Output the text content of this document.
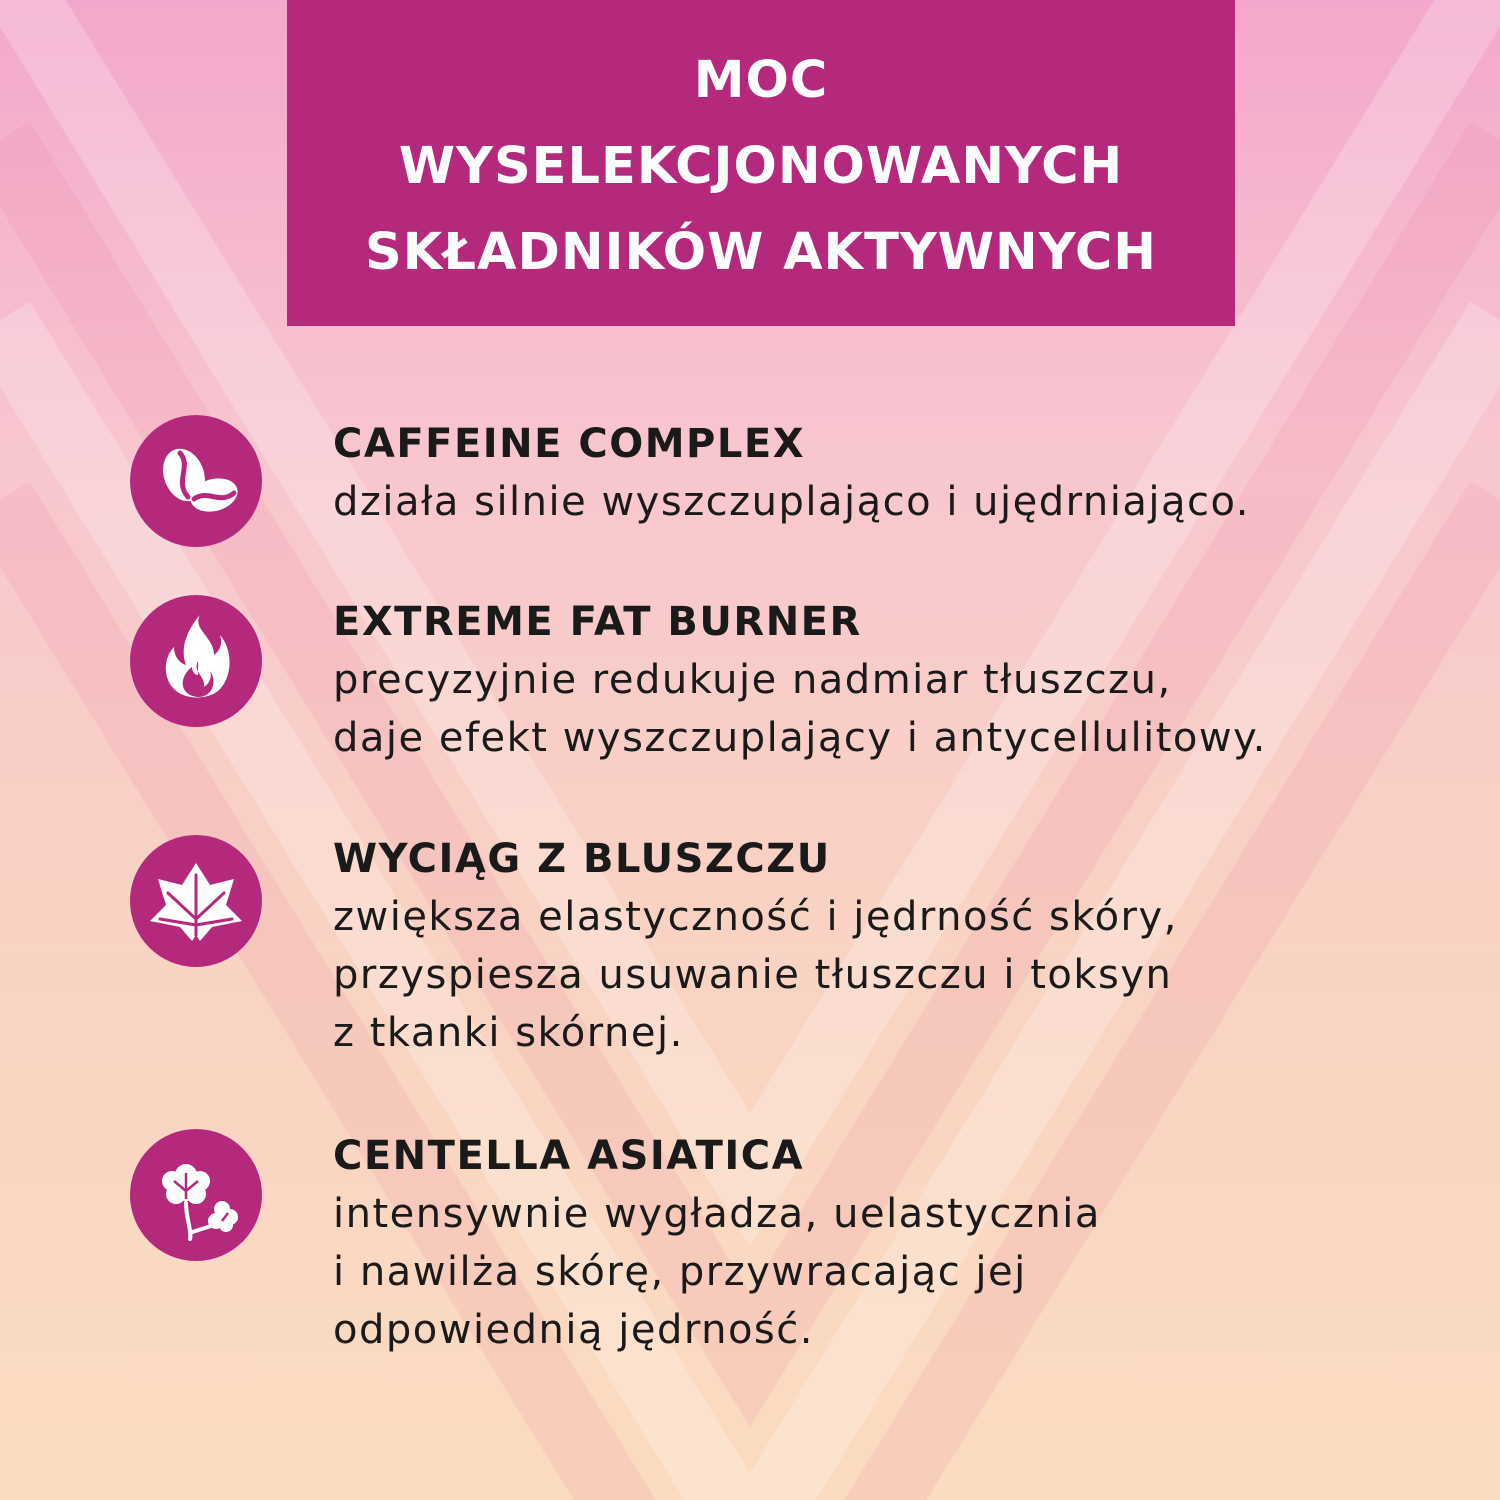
MOC
WYSELEKCJONOWANYCH
SKŁADNIKÓW AKTYWNYCH
CAFFEINE COMPLEX
działa silnie wyszczuplająco i ujędrniająco.
EXTREME FAT BURNER
precyzyjnie redukuje nadmiar tłuszczu,
daje efekt wyszczuplający i antycellulitowy.
WYCIĄG Z BLUSZCZU
zwiększa elastyczność i jędrność skóry,
przyspiesza usuwanie tłuszczu i toksyn
z tkanki skórnej.
CENTELLA ASIATICA
intensywnie wygładza, uelastycznia
i nawilża skórę, przywracając jej
odpowiednią jędrność.
